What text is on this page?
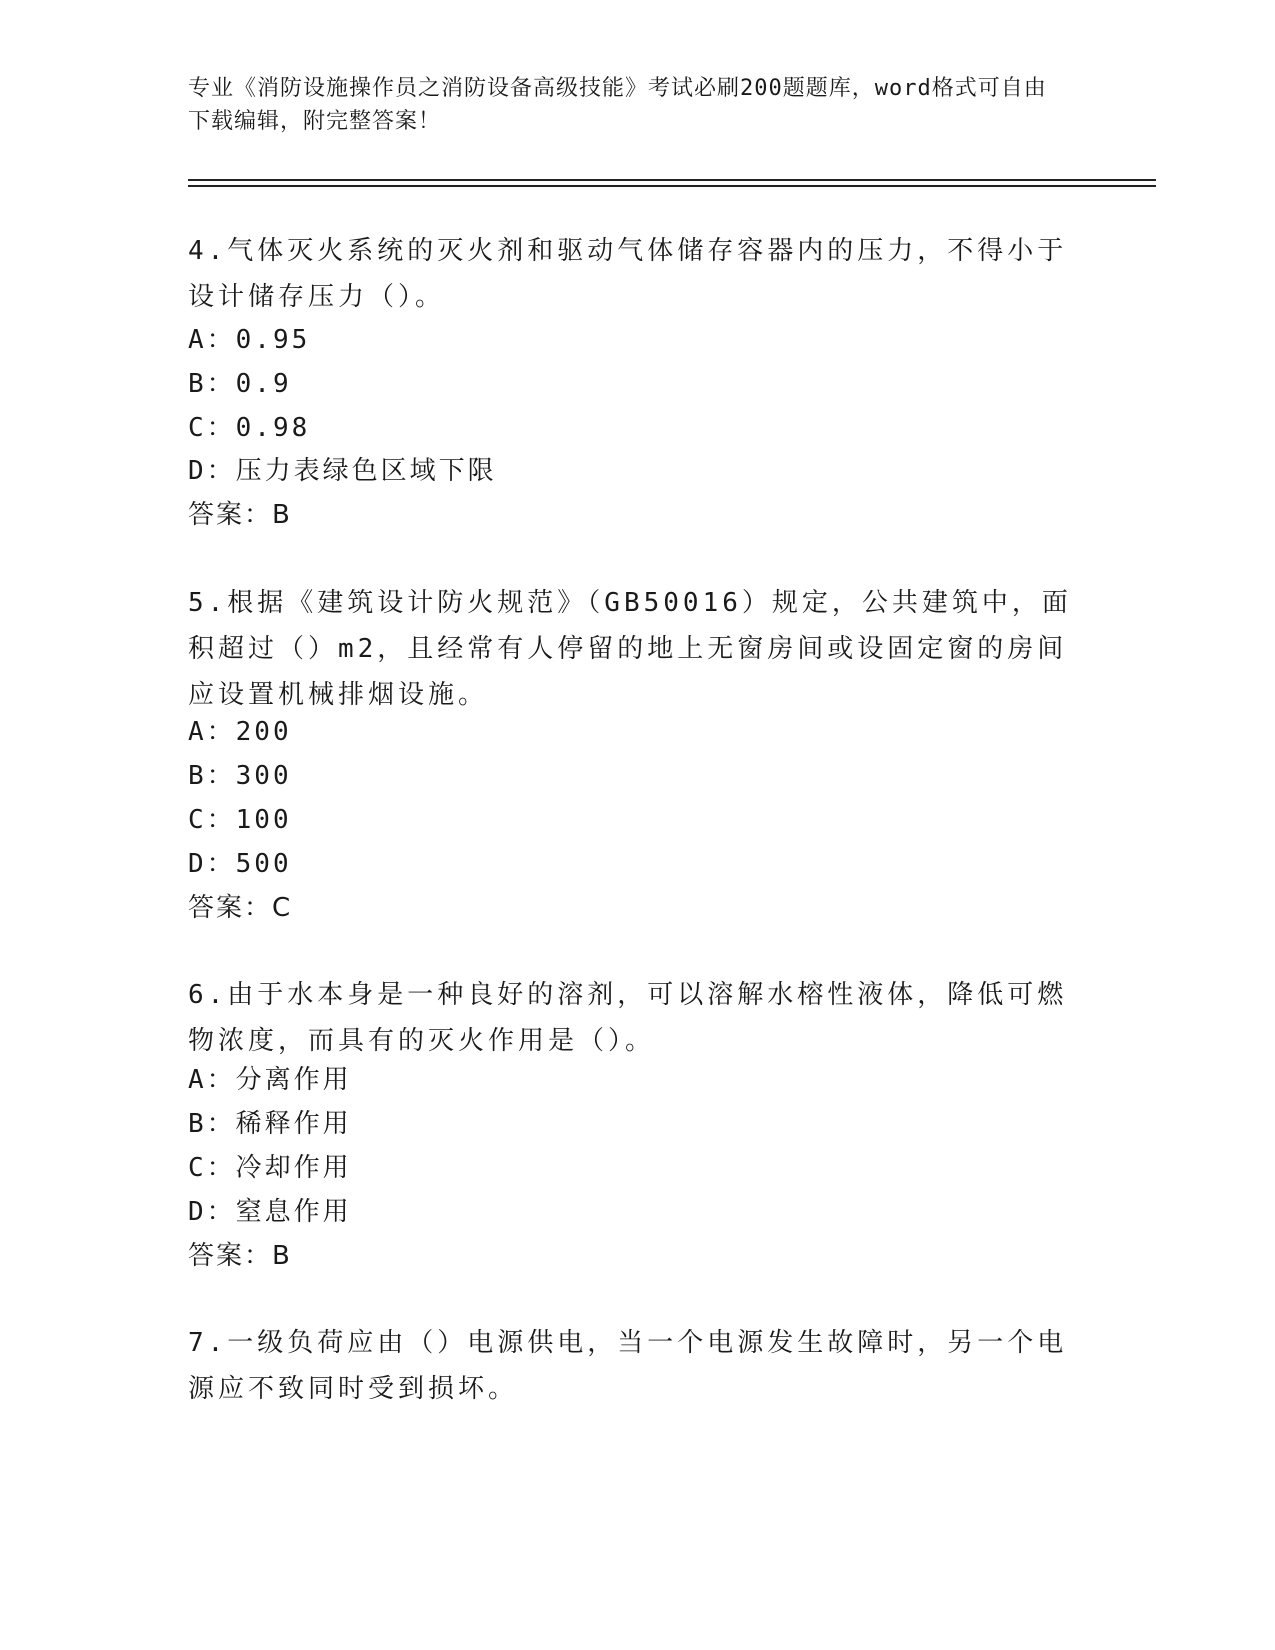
专业《消防设施操作员之消防设备高级技能》考试必刷200题题库，word格式可自由下载编辑，附完整答案！
4.气体灭火系统的灭火剂和驱动气体储存容器内的压力，不得小于设计储存压力（）。
A：0.95
B：0.9
C：0.98
D：压力表绿色区域下限
答案：B
5.根据《建筑设计防火规范》（GB50016）规定，公共建筑中，面积超过（）m2，且经常有人停留的地上无窗房间或设固定窗的房间应设置机械排烟设施。
A：200
B：300
C：100
D：500
答案：C
6.由于水本身是一种良好的溶剂，可以溶解水榕性液体，降低可燃物浓度，而具有的灭火作用是（）。
A：分离作用
B：稀释作用
C：冷却作用
D：窒息作用
答案：B
7.一级负荷应由（）电源供电，当一个电源发生故障时，另一个电源应不致同时受到损坏。
